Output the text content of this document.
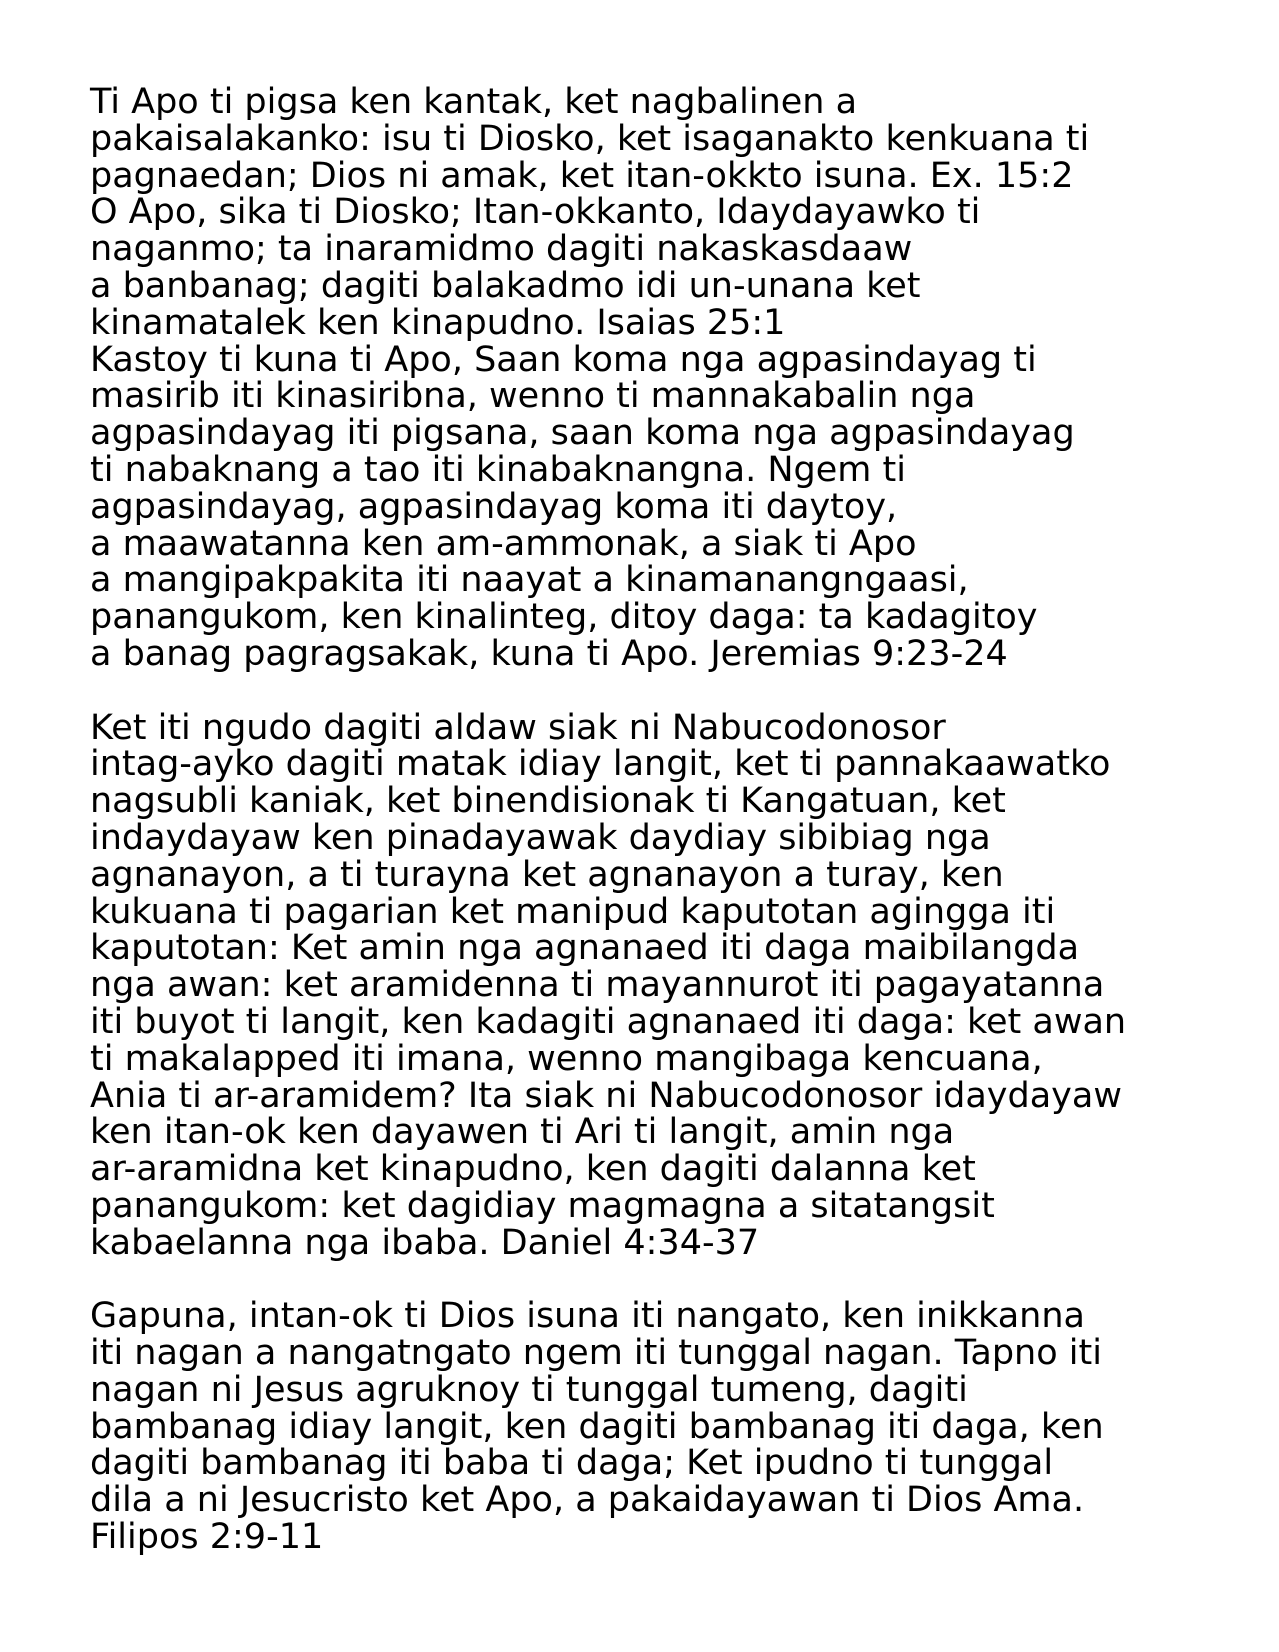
Ti Apo ti pigsa ken kantak, ket nagbalinen a
pakaisalakanko: isu ti Diosko, ket isaganakto kenkuana ti
pagnaedan; Dios ni amak, ket itan-okkto isuna. Ex. 15:2
O Apo, sika ti Diosko; Itan-okkanto, Idaydayawko ti
naganmo; ta inaramidmo dagiti nakaskasdaaw
a banbanag; dagiti balakadmo idi un-unana ket
kinamatalek ken kinapudno. Isaias 25:1
Kastoy ti kuna ti Apo, Saan koma nga agpasindayag ti
masirib iti kinasiribna, wenno ti mannakabalin nga
agpasindayag iti pigsana, saan koma nga agpasindayag
ti nabaknang a tao iti kinabaknangna. Ngem ti
agpasindayag, agpasindayag koma iti daytoy,
a maawatanna ken am-ammonak, a siak ti Apo
a mangipakpakita iti naayat a kinamanangngaasi,
panangukom, ken kinalinteg, ditoy daga: ta kadagitoy
a banag pagragsakak, kuna ti Apo. Jeremias 9:23-24
Ket iti ngudo dagiti aldaw siak ni Nabucodonosor
intag-ayko dagiti matak idiay langit, ket ti pannakaawatko
nagsubli kaniak, ket binendisionak ti Kangatuan, ket
indaydayaw ken pinadayawak daydiay sibibiag nga
agnanayon, a ti turayna ket agnanayon a turay, ken
kukuana ti pagarian ket manipud kaputotan agingga iti
kaputotan: Ket amin nga agnanaed iti daga maibilangda
nga awan: ket aramidenna ti mayannurot iti pagayatanna
iti buyot ti langit, ken kadagiti agnanaed iti daga: ket awan
ti makalapped iti imana, wenno mangibaga kencuana,
Ania ti ar-aramidem? Ita siak ni Nabucodonosor idaydayaw
ken itan-ok ken dayawen ti Ari ti langit, amin nga
ar-aramidna ket kinapudno, ken dagiti dalanna ket
panangukom: ket dagidiay magmagna a sitatangsit
kabaelanna nga ibaba. Daniel 4:34-37
Gapuna, intan-ok ti Dios isuna iti nangato, ken inikkanna
iti nagan a nangatngato ngem iti tunggal nagan. Tapno iti
nagan ni Jesus agruknoy ti tunggal tumeng, dagiti
bambanag idiay langit, ken dagiti bambanag iti daga, ken
dagiti bambanag iti baba ti daga; Ket ipudno ti tunggal
dila a ni Jesucristo ket Apo, a pakaidayawan ti Dios Ama.
Filipos 2:9-11
